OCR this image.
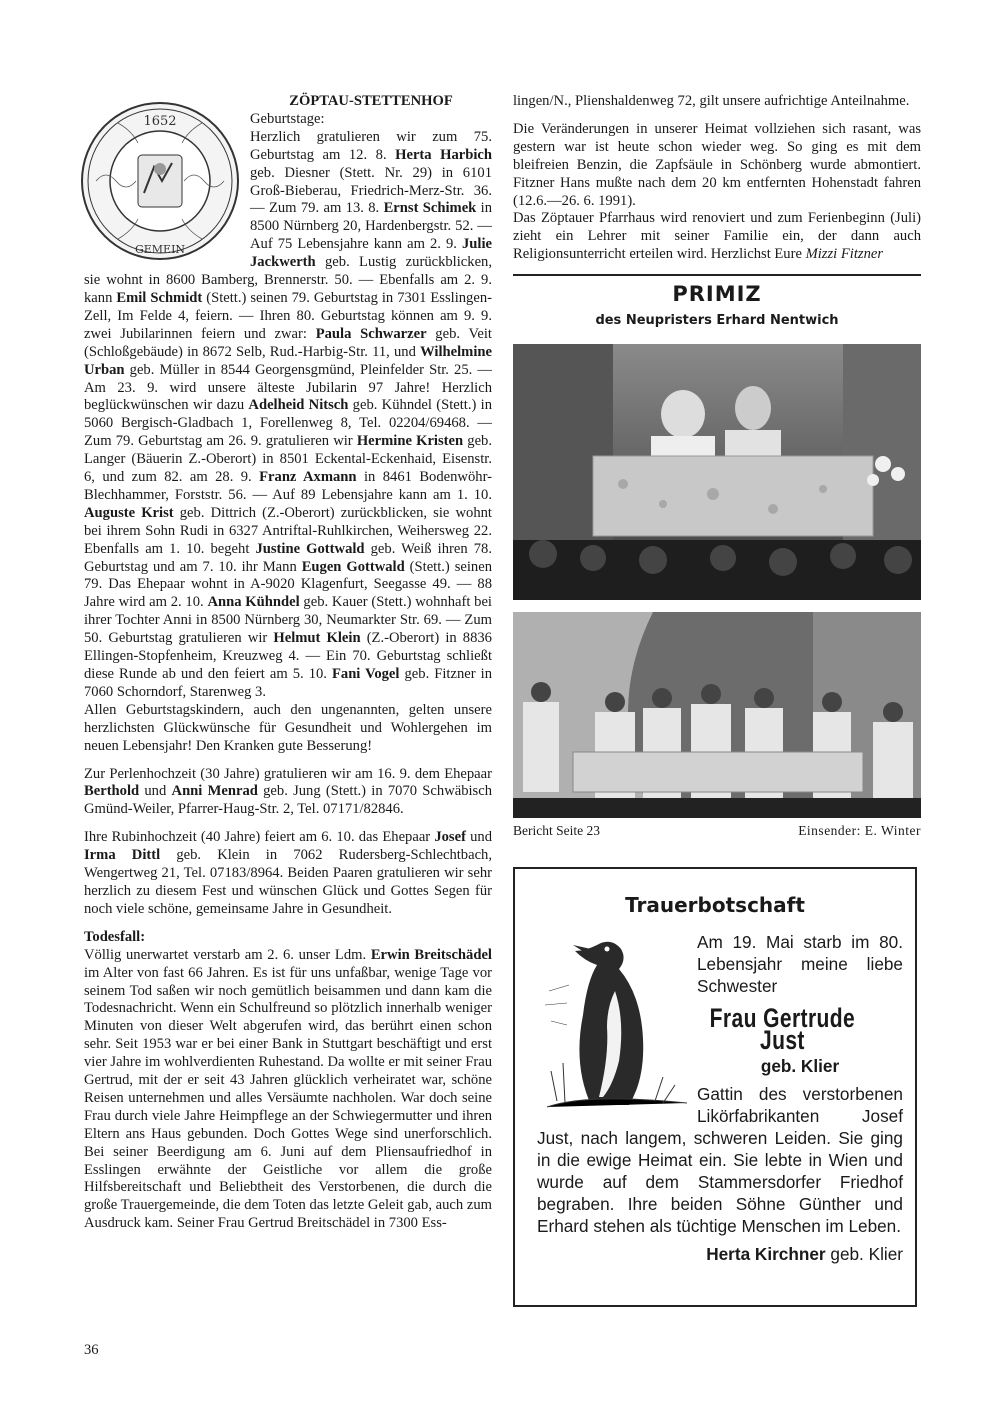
1652
GEMEIN
ZÖPTAU-STETTENHOF

Geburtstage:
Herzlich gratulieren wir zum 75. Geburtstag am 12. 8. Herta Harbich geb. Diesner (Stett. Nr. 29) in 6101 Groß-Bieberau, Friedrich-Merz-Str. 36. — Zum 79. am 13. 8. Ernst Schimek in 8500 Nürnberg 20, Hardenbergstr. 52. — Auf 75 Lebensjahre kann am 2. 9. Julie Jackwerth geb. Lustig zurückblicken, sie wohnt in 8600 Bamberg, Brennerstr. 50. — Ebenfalls am 2. 9. kann Emil Schmidt (Stett.) seinen 79. Geburtstag in 7301 Esslingen-Zell, Im Felde 4, feiern. — Ihren 80. Geburtstag können am 9. 9. zwei Jubilarinnen feiern und zwar: Paula Schwarzer geb. Veit (Schloßgebäude) in 8672 Selb, Rud.-Harbig-Str. 11, und Wilhelmine Urban geb. Müller in 8544 Georgensgmünd, Pleinfelder Str. 25. — Am 23. 9. wird unsere älteste Jubilarin 97 Jahre! Herzlich beglückwünschen wir dazu Adelheid Nitsch geb. Kühndel (Stett.) in 5060 Bergisch-Gladbach 1, Forellenweg 8, Tel. 02204/69468. — Zum 79. Geburtstag am 26. 9. gratulieren wir Hermine Kristen geb. Langer (Bäuerin Z.-Oberort) in 8501 Eckental-Eckenhaid, Eisenstr. 6, und zum 82. am 28. 9. Franz Axmann in 8461 Bodenwöhr-Blechhammer, Forststr. 56. — Auf 89 Lebensjahre kann am 1. 10. Auguste Krist geb. Dittrich (Z.-Oberort) zurückblicken, sie wohnt bei ihrem Sohn Rudi in 6327 Antriftal-Ruhlkirchen, Weihersweg 22. Ebenfalls am 1. 10. begeht Justine Gottwald geb. Weiß ihren 78. Geburtstag und am 7. 10. ihr Mann Eugen Gottwald (Stett.) seinen 79. Das Ehepaar wohnt in A-9020 Klagenfurt, Seegasse 49. — 88 Jahre wird am 2. 10. Anna Kühndel geb. Kauer (Stett.) wohnhaft bei ihrer Tochter Anni in 8500 Nürnberg 30, Neumarkter Str. 69. — Zum 50. Geburtstag gratulieren wir Helmut Klein (Z.-Oberort) in 8836 Ellingen-Stopfenheim, Kreuzweg 4. — Ein 70. Geburtstag schließt diese Runde ab und den feiert am 5. 10. Fani Vogel geb. Fitzner in 7060 Schorndorf, Starenweg 3.
Allen Geburtstagskindern, auch den ungenannten, gelten unsere herzlichsten Glückwünsche für Gesundheit und Wohlergehen im neuen Lebensjahr! Den Kranken gute Besserung!

Zur Perlenhochzeit (30 Jahre) gratulieren wir am 16. 9. dem Ehepaar Berthold und Anni Menrad geb. Jung (Stett.) in 7070 Schwäbisch Gmünd-Weiler, Pfarrer-Haug-Str. 2, Tel. 07171/82846.

Ihre Rubinhochzeit (40 Jahre) feiert am 6. 10. das Ehepaar Josef und Irma Dittl geb. Klein in 7062 Rudersberg-Schlechtbach, Wengertweg 21, Tel. 07183/8964. Beiden Paaren gratulieren wir sehr herzlich zu diesem Fest und wünschen Glück und Gottes Segen für noch viele schöne, gemeinsame Jahre in Gesundheit.

Todesfall:
Völlig unerwartet verstarb am 2. 6. unser Ldm. Erwin Breitschädel im Alter von fast 66 Jahren. Es ist für uns unfaßbar, wenige Tage vor seinem Tod saßen wir noch gemütlich beisammen und dann kam die Todesnachricht. Wenn ein Schulfreund so plötzlich innerhalb weniger Minuten von dieser Welt abgerufen wird, das berührt einen schon sehr. Seit 1953 war er bei einer Bank in Stuttgart beschäftigt und erst vier Jahre im wohlverdienten Ruhestand. Da wollte er mit seiner Frau Gertrud, mit der er seit 43 Jahren glücklich verheiratet war, schöne Reisen unternehmen und alles Versäumte nachholen. War doch seine Frau durch viele Jahre Heimpflege an der Schwiegermutter und ihren Eltern ans Haus gebunden. Doch Gottes Wege sind unerforschlich. Bei seiner Beerdigung am 6. Juni auf dem Pliensaufriedhof in Esslingen erwähnte der Geistliche vor allem die große Hilfsbereitschaft und Beliebtheit des Verstorbenen, die durch die große Trauergemeinde, die dem Toten das letzte Geleit gab, auch zum Ausdruck kam. Seiner Frau Gertrud Breitschädel in 7300 Ess-

lingen/N., Plienshaldenweg 72, gilt unsere aufrichtige Anteilnahme.

Die Veränderungen in unserer Heimat vollziehen sich rasant, was gestern war ist heute schon wieder weg. So ging es mit dem bleifreien Benzin, die Zapfsäule in Schönberg wurde abmontiert. Fitzner Hans mußte nach dem 20 km entfernten Hohenstadt fahren (12.6.—26. 6. 1991).
Das Zöptauer Pfarrhaus wird renoviert und zum Ferienbeginn (Juli) zieht ein Lehrer mit seiner Familie ein, der dann auch Religionsunterricht erteilen wird. Herzlichst Eure Mizzi Fitzner

PRIMIZ
des Neupristers Erhard Nentwich
Bericht Seite 23	Einsender: E. Winter
Trauerbotschaft
Am 19. Mai starb im 80. Lebensjahr meine liebe Schwester
Frau Gertrude Just
geb. Klier
Gattin des verstorbenen Likörfabrikanten Josef Just, nach langem, schweren Leiden. Sie ging in die ewige Heimat ein. Sie lebte in Wien und wurde auf dem Stammersdorfer Friedhof begraben. Ihre beiden Söhne Günther und Erhard stehen als tüchtige Menschen im Leben.
Herta Kirchner geb. Klier
36
